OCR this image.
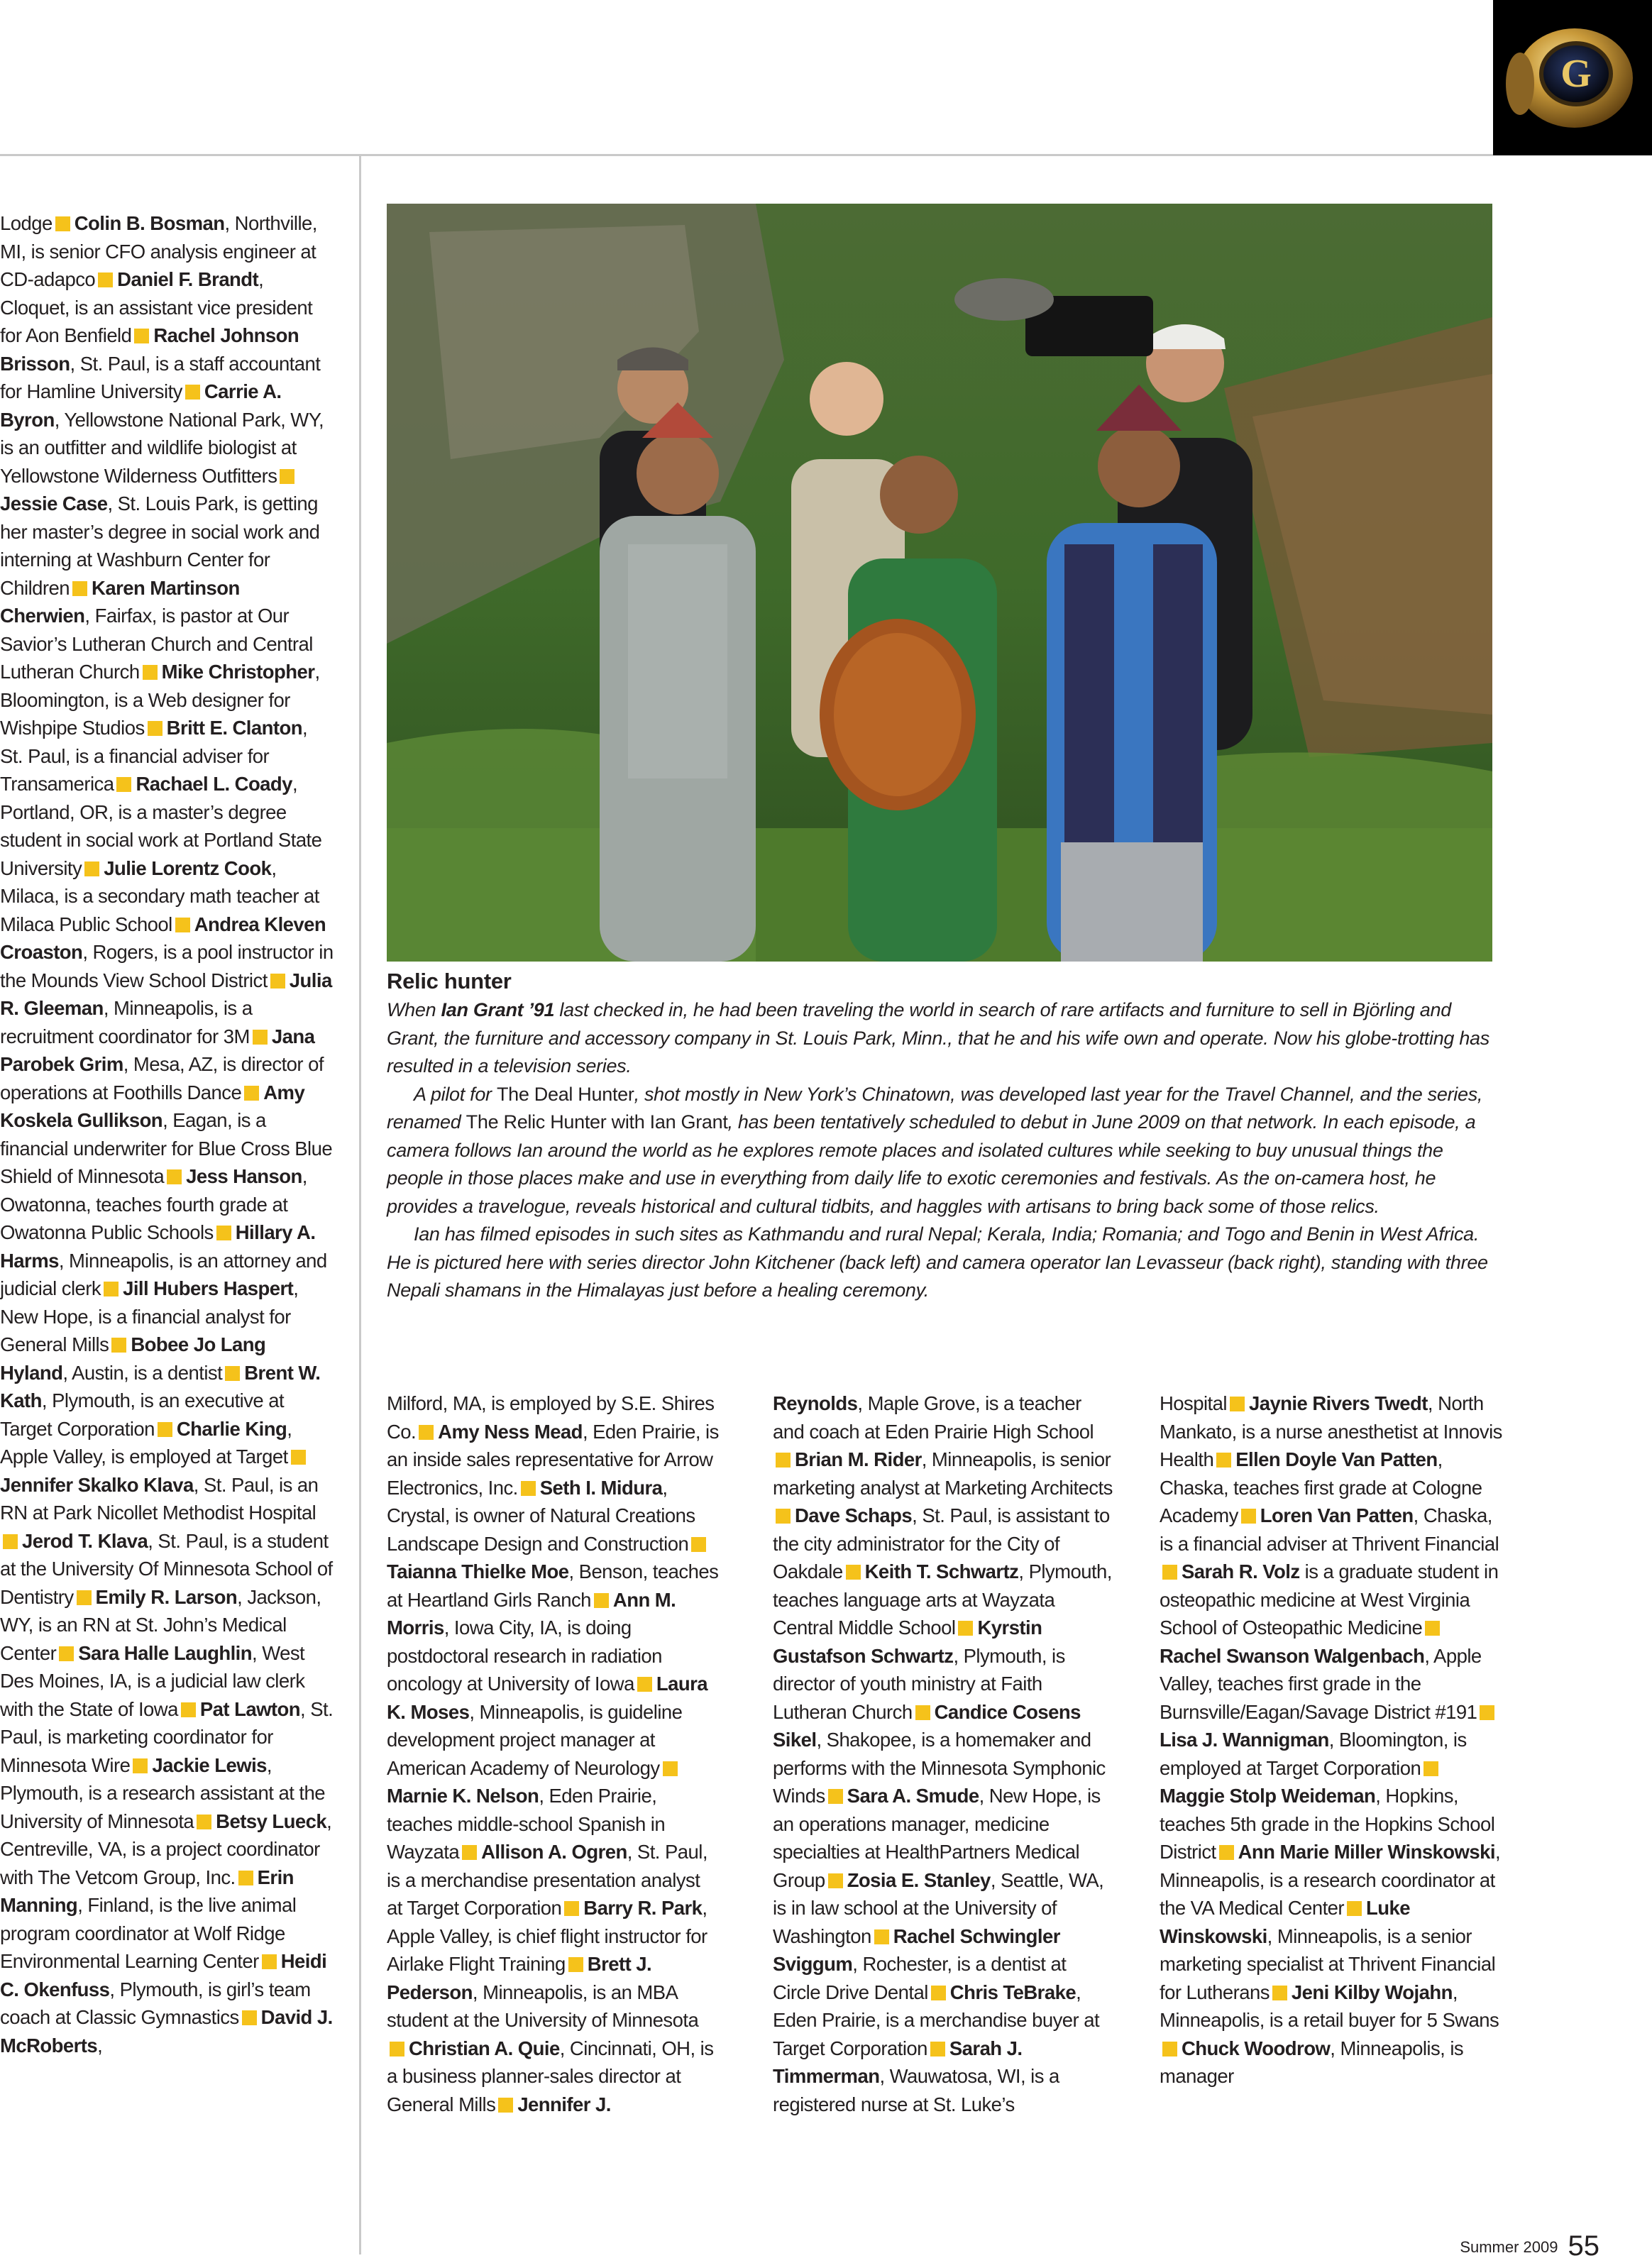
G
Relic hunter

When Ian Grant ’91 last checked in, he had been traveling the world in search of rare artifacts and furniture to sell in Björling and Grant, the furniture and accessory company in St. Louis Park, Minn., that he and his wife own and operate. Now his globe-trotting has resulted in a television series.

A pilot for The Deal Hunter, shot mostly in New York’s Chinatown, was developed last year for the Travel Channel, and the series, renamed The Relic Hunter with Ian Grant, has been tentatively scheduled to debut in June 2009 on that network. In each episode, a camera follows Ian around the world as he explores remote places and isolated cultures while seeking to buy unusual things the people in those places make and use in everything from daily life to exotic ceremonies and festivals. As the on-camera host, he provides a travelogue, reveals historical and cultural tidbits, and haggles with artisans to bring back some of those relics.

Ian has filmed episodes in such sites as Kathmandu and rural Nepal; Kerala, India; Romania; and Togo and Benin in West Africa. He is pictured here with series director John Kitchener (back left) and camera operator Ian Levasseur (back right), standing with three Nepali shamans in the Himalayas just before a healing ceremony.

Lodge Colin B. Bosman, Northville, MI, is senior CFO analysis engineer at CD-adapco Daniel F. Brandt, Cloquet, is an assistant vice president for Aon Benfield Rachel Johnson Brisson, St. Paul, is a staff accountant for Hamline University Carrie A. Byron, Yellowstone National Park, WY, is an outfitter and wildlife biologist at Yellowstone Wilderness OutfittersJessie Case, St. Louis Park, is getting her master’s degree in social work and interning at Washburn Center for Children Karen Martinson Cherwien, Fairfax, is pastor at Our Savior’s Lutheran Church and Central Lutheran Church Mike Christopher, Bloomington, is a Web designer for Wishpipe Studios Britt E. Clanton, St. Paul, is a financial adviser for Transamerica Rachael L. Coady, Portland, OR, is a master’s degree student in social work at Portland State University Julie Lorentz Cook, Milaca, is a secondary math teacher at Milaca Public School Andrea Kleven Croaston, Rogers, is a pool instructor in the Mounds View School District Julia R. Gleeman, Minneapolis, is a recruitment coordinator for 3M Jana Parobek Grim, Mesa, AZ, is director of operations at Foothills Dance Amy Koskela Gullikson, Eagan, is a financial underwriter for Blue Cross Blue Shield of Minnesota Jess Hanson, Owatonna, teaches fourth grade at Owatonna Public Schools Hillary A. Harms, Minneapolis, is an attorney and judicial clerk Jill Hubers Haspert, New Hope, is a financial analyst for General Mills Bobee Jo Lang Hyland, Austin, is a dentist Brent W. Kath, Plymouth, is an executive at Target Corporation Charlie King, Apple Valley, is employed at TargetJennifer Skalko Klava, St. Paul, is an RN at Park Nicollet Methodist HospitalJerod T. Klava, St. Paul, is a student at the University Of Minnesota School of Dentistry Emily R. Larson, Jackson, WY, is an RN at St. John’s Medical Center Sara Halle Laughlin, West Des Moines, IA, is a judicial law clerk with the State of Iowa Pat Lawton, St. Paul, is marketing coordinator for Minnesota Wire Jackie Lewis, Plymouth, is a research assistant at the University of Minnesota Betsy Lueck, Centreville, VA, is a project coordinator with The Vetcom Group, Inc. Erin Manning, Finland, is the live animal program coordinator at Wolf Ridge Environmental Learning Center Heidi C. Okenfuss, Plymouth, is girl’s team coach at Classic Gymnastics David J. McRoberts,
Milford, MA, is employed by S.E. Shires Co. Amy Ness Mead, Eden Prairie, is an inside sales representative for Arrow Electronics, Inc. Seth I. Midura, Crystal, is owner of Natural Creations Landscape Design and ConstructionTaianna Thielke Moe, Benson, teaches at Heartland Girls Ranch Ann M. Morris, Iowa City, IA, is doing postdoctoral research in radiation oncology at University of Iowa Laura K. Moses, Minneapolis, is guideline development project manager at American Academy of NeurologyMarnie K. Nelson, Eden Prairie, teaches middle-school Spanish in Wayzata Allison A. Ogren, St. Paul, is a merchandise presentation analyst at Target Corporation Barry R. Park, Apple Valley, is chief flight instructor for Airlake Flight Training Brett J. Pederson, Minneapolis, is an MBA student at the University of MinnesotaChristian A. Quie, Cincinnati, OH, is a business planner-sales director at General Mills Jennifer J.
Reynolds, Maple Grove, is a teacher and coach at Eden Prairie High SchoolBrian M. Rider, Minneapolis, is senior marketing analyst at Marketing ArchitectsDave Schaps, St. Paul, is assistant to the city administrator for the City of Oakdale Keith T. Schwartz, Plymouth, teaches language arts at Wayzata Central Middle School Kyrstin Gustafson Schwartz, Plymouth, is director of youth ministry at Faith Lutheran Church Candice Cosens Sikel, Shakopee, is a homemaker and performs with the Minnesota Symphonic Winds Sara A. Smude, New Hope, is an operations manager, medicine specialties at HealthPartners Medical Group Zosia E. Stanley, Seattle, WA, is in law school at the University of Washington Rachel Schwingler Sviggum, Rochester, is a dentist at Circle Drive Dental Chris TeBrake, Eden Prairie, is a merchandise buyer at Target Corporation Sarah J. Timmerman, Wauwatosa, WI, is a registered nurse at St. Luke’s
Hospital Jaynie Rivers Twedt, North Mankato, is a nurse anesthetist at Innovis Health Ellen Doyle Van Patten, Chaska, teaches first grade at Cologne Academy Loren Van Patten, Chaska, is a financial adviser at Thrivent FinancialSarah R. Volz is a graduate student in osteopathic medicine at West Virginia School of Osteopathic MedicineRachel Swanson Walgenbach, Apple Valley, teaches first grade in the Burnsville/Eagan/Savage District #191Lisa J. Wannigman, Bloomington, is employed at Target CorporationMaggie Stolp Weideman, Hopkins, teaches 5th grade in the Hopkins School District Ann Marie Miller Winskowski, Minneapolis, is a research coordinator at the VA Medical Center Luke Winskowski, Minneapolis, is a senior marketing specialist at Thrivent Financial for Lutherans Jeni Kilby Wojahn, Minneapolis, is a retail buyer for 5 SwansChuck Woodrow, Minneapolis, is manager
Summer 2009 55
